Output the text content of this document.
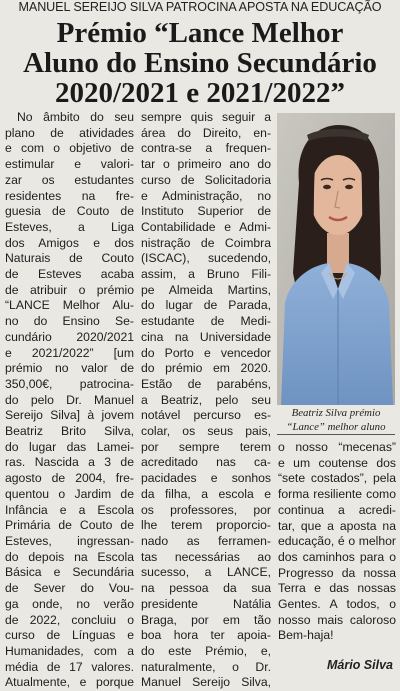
MANUEL SEREIJO SILVA PATROCINA APOSTA NA EDUCAÇÃO
Prémio “Lance Melhor
Aluno do Ensino Secundário
2020/2021 e 2021/2022”
No âmbito do seu
plano de atividades
e com o objetivo de
estimular e valori-
zar os estudantes
residentes na fre-
guesia de Couto de
Esteves, a Liga
dos Amigos e dos
Naturais de Couto
de Esteves acaba
de atribuir o prémio
“LANCE Melhor Alu-
no do Ensino Se-
cundário 2020/2021
e 2021/2022” [um
prémio no valor de
350,00€, patrocina-
do pelo Dr. Manuel
Sereijo Silva] à jovem
Beatriz Brito Silva,
do lugar das Lamei-
ras. Nascida a 3 de
agosto de 2004, fre-
quentou o Jardim de
Infância e a Escola
Primária de Couto de
Esteves, ingressan-
do depois na Escola
Básica e Secundária
de Sever do Vou-
ga onde, no verão
de 2022, concluiu o
curso de Línguas e
Humanidades, com a
média de 17 valores.
Atualmente, e porque
sempre quis seguir a
área do Direito, en-
contra-se a frequen-
tar o primeiro ano do
curso de Solicitadoria
e Administração, no
Instituto Superior de
Contabilidade e Admi-
nistração de Coimbra
(ISCAC), sucedendo,
assim, a Bruno Fili-
pe Almeida Martins,
do lugar de Parada,
estudante de Medi-
cina na Universidade
do Porto e vencedor
do prémio em 2020.
Estão de parabéns,
a Beatriz, pelo seu
notável percurso es-
colar, os seus pais,
por sempre terem
acreditado nas ca-
pacidades e sonhos
da filha, a escola e
os professores, por
lhe terem proporcio-
nado as ferramen-
tas necessárias ao
sucesso, a LANCE,
na pessoa da sua
presidente Natália
Braga, por em tão
boa hora ter apoia-
do este Prémio, e,
naturalmente, o Dr.
Manuel Sereijo Silva,
Beatriz Silva prémio
“Lance” melhor aluno
o nosso “mecenas”
e um coutense dos
“sete costados”, pela
forma resiliente como
continua a acredi-
tar, que a aposta na
educação, é o melhor
dos caminhos para o
Progresso da nossa
Terra e das nossas
Gentes. A todos, o
nosso mais caloroso
Bem-haja!
Mário Silva
